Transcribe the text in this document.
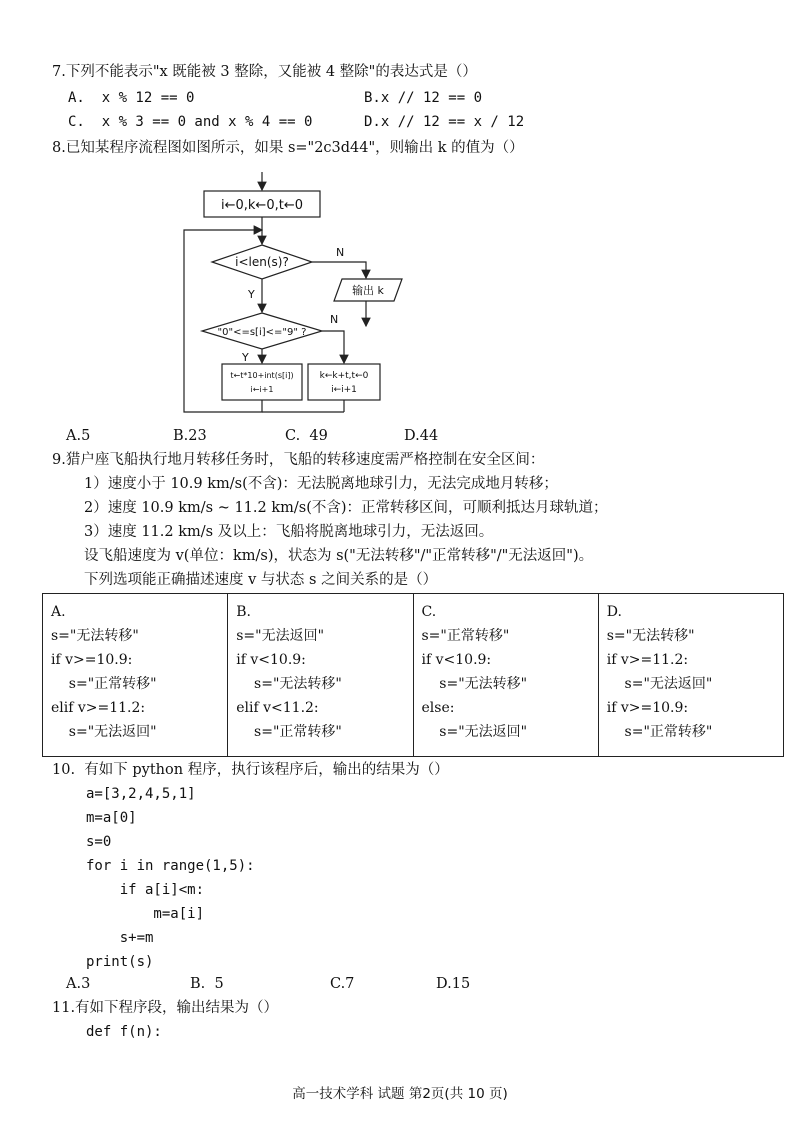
7.下列不能表示"x 既能被 3 整除，又能被 4 整除"的表达式是（）
A.  x % 12 == 0	B.x // 12 == 0
C.  x % 3 == 0 and x % 4 == 0	D.x // 12 == x / 12
8.已知某程序流程图如图所示，如果 s="2c3d44"，则输出 k 的值为（）
i←0,k←0,t←0
i<len(s)?
N
Y	输出 k
"0"<=s[i]<="9" ?
N
Y
t←t*10+int(s[i])
i←i+1
k←k+t,t←0
i←i+1
A.5	B.23	C.  49	D.44
9.猎户座飞船执行地月转移任务时，飞船的转移速度需严格控制在安全区间：
1）速度小于 10.9 km/s(不含)：无法脱离地球引力，无法完成地月转移；
2）速度 10.9 km/s ~ 11.2 km/s(不含)：正常转移区间，可顺利抵达月球轨道；
3）速度 11.2 km/s 及以上：飞船将脱离地球引力，无法返回。
设飞船速度为 v(单位：km/s)，状态为 s("无法转移"/"正常转移"/"无法返回")。
下列选项能正确描述速度 v 与状态 s 之间关系的是（）
A.
s="无法转移"
if v>=10.9:
s="正常转移"
elif v>=11.2:
s="无法返回"

B.
s="无法返回"
if v<10.9:
s="无法转移"
elif v<11.2:
s="正常转移"

C.
s="正常转移"
if v<10.9:
s="无法转移"
else:
s="无法返回"

D.
s="无法转移"
if v>=11.2:
s="无法返回"
if v>=10.9:
s="正常转移"
10.  有如下 python 程序，执行该程序后，输出的结果为（）
a=[3,2,4,5,1]
m=a[0]
s=0
for i in range(1,5):
if a[i]<m:
m=a[i]
s+=m
print(s)
A.3	B.  5	C.7	D.15
11.有如下程序段，输出结果为（）
def f(n):
高一技术学科 试题 第2页(共 10 页)
